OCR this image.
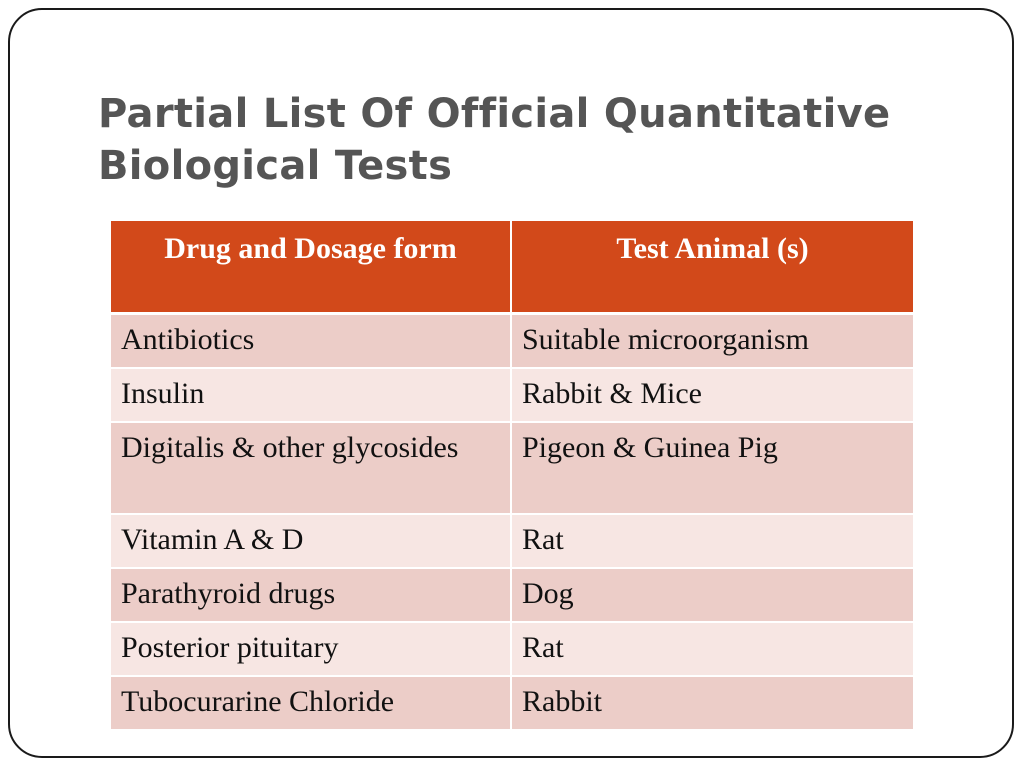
Partial List Of Official Quantitative Biological Tests
Drug and Dosage form	Test Animal (s)
Antibiotics	Suitable microorganism
Insulin	Rabbit & Mice
Digitalis & other glycosides	Pigeon & Guinea Pig
Vitamin A & D	Rat
Parathyroid drugs	Dog
Posterior pituitary	Rat
Tubocurarine Chloride	Rabbit
